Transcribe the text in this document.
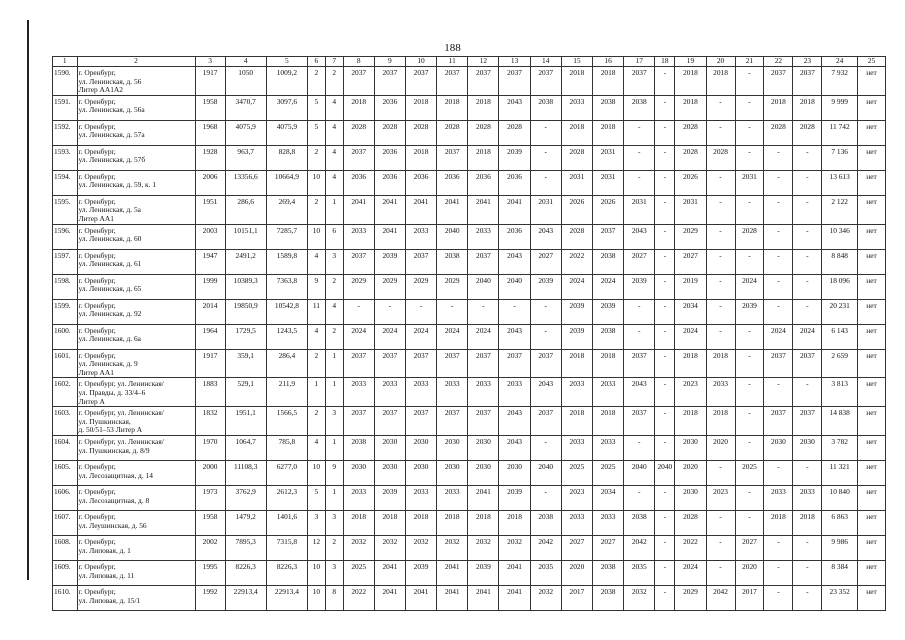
188
1	2	3	4	5	6	7	8	9	10	11	12	13	14	15	16	17	18	19	20	21	22	23	24	25
1590.	г. Оренбург,
ул. Ленинская, д. 56
Литер АА1А2	1917	1050	1009,2	2	2	2037	2037	2037	2037	2037	2037	2037	2018	2018	2037	-	2018	2018	-	2037	2037	7 932	нет
1591.	г. Оренбург,
ул. Ленинская, д. 56а	1958	3470,7	3097,6	5	4	2018	2036	2018	2018	2018	2043	2038	2033	2038	2038	-	2018	-	-	2018	2018	9 999	нет
1592.	г. Оренбург,
ул. Ленинская, д. 57а	1968	4075,9	4075,9	5	4	2028	2028	2028	2028	2028	2028	-	2018	2018	-	-	2028	-	-	2028	2028	11 742	нет
1593.	г. Оренбург,
ул. Ленинская, д. 57б	1928	963,7	828,8	2	4	2037	2036	2018	2037	2018	2039	-	2028	2031	-	-	2028	2028	-	-	-	7 136	нет
1594.	г. Оренбург,
ул. Ленинская, д. 59, к. 1	2006	13356,6	10664,9	10	4	2036	2036	2036	2036	2036	2036	-	2031	2031	-	-	2026	-	2031	-	-	13 613	нет
1595.	г. Оренбург,
ул. Ленинская, д. 5а
Литер АА1	1951	286,6	269,4	2	1	2041	2041	2041	2041	2041	2041	2031	2026	2026	2031	-	2031	-	-	-	-	2 122	нет
1596.	г. Оренбург,
ул. Ленинская, д. 60	2003	10151,1	7285,7	10	6	2033	2041	2033	2040	2033	2036	2043	2028	2037	2043	-	2029	-	2028	-	-	10 346	нет
1597.	г. Оренбург,
ул. Ленинская, д. 61	1947	2491,2	1589,8	4	3	2037	2039	2037	2038	2037	2043	2027	2022	2038	2027	-	2027	-	-	-	-	8 848	нет
1598.	г. Оренбург,
ул. Ленинская, д. 65	1999	10389,3	7363,8	9	2	2029	2029	2029	2029	2040	2040	2039	2024	2024	2039	-	2019	-	2024	-	-	18 096	нет
1599.	г. Оренбург,
ул. Ленинская, д. 92	2014	19850,9	10542,8	11	4	-	-	-	-	-	-	-	2039	2039	-	-	2034	-	2039	-	-	20 231	нет
1600.	г. Оренбург,
ул. Ленинская, д. 6а	1964	1729,5	1243,5	4	2	2024	2024	2024	2024	2024	2043	-	2039	2038	-	-	2024	-	-	2024	2024	6 143	нет
1601.	г. Оренбург,
ул. Ленинская, д. 9
Литер АА1	1917	359,1	286,4	2	1	2037	2037	2037	2037	2037	2037	2037	2018	2018	2037	-	2018	2018	-	2037	2037	2 659	нет
1602.	г. Оренбург, ул. Ленинская/
ул. Правды, д. 33/4–6
Литер А	1883	529,1	211,9	1	1	2033	2033	2033	2033	2033	2033	2043	2033	2033	2043	-	2023	2033	-	-	-	3 813	нет
1603.	г. Оренбург, ул. Ленинская/
ул. Пушкинская,
д. 50/51–53 Литер А	1832	1951,1	1566,5	2	3	2037	2037	2037	2037	2037	2043	2037	2018	2018	2037	-	2018	2018	-	2037	2037	14 838	нет
1604.	г. Оренбург, ул. Ленинская/
ул. Пушкинская, д. 8/9	1970	1064,7	785,8	4	1	2038	2030	2030	2030	2030	2043	-	2033	2033	-	-	2030	2020	-	2030	2030	3 782	нет
1605.	г. Оренбург,
ул. Лесозащитная, д. 14	2000	11108,3	6277,0	10	9	2030	2030	2030	2030	2030	2030	2040	2025	2025	2040	2040	2020	-	2025	-	-	11 321	нет
1606.	г. Оренбург,
ул. Лесозащитная, д. 8	1973	3762,9	2612,3	5	1	2033	2039	2033	2033	2041	2039	-	2023	2034	-	-	2030	2023	-	2033	2033	10 840	нет
1607.	г. Оренбург,
ул. Леушинская, д. 56	1958	1479,2	1401,6	3	3	2018	2018	2018	2018	2018	2018	2038	2033	2033	2038	-	2028	-	-	2018	2018	6 863	нет
1608.	г. Оренбург,
ул. Липовая, д. 1	2002	7895,3	7315,8	12	2	2032	2032	2032	2032	2032	2032	2042	2027	2027	2042	-	2022	-	2027	-	-	9 986	нет
1609.	г. Оренбург,
ул. Липовая, д. 11	1995	8226,3	8226,3	10	3	2025	2041	2039	2041	2039	2041	2035	2020	2038	2035	-	2024	-	2020	-	-	8 384	нет
1610.	г. Оренбург,
ул. Липовая, д. 15/1	1992	22913,4	22913,4	10	8	2022	2041	2041	2041	2041	2041	2032	2017	2038	2032	-	2029	2042	2017	-	-	23 352	нет
